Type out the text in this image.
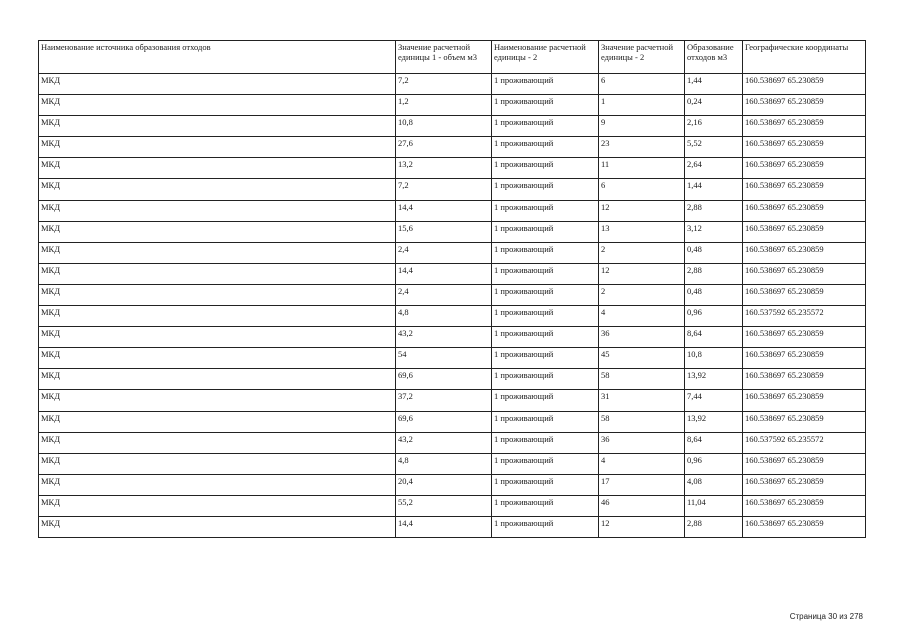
Наименование источника образования отходов	Значение расчетной единицы 1 - объем м3	Наименование расчетной единицы - 2	Значение расчетной единицы - 2	Образование отходов м3	Географические координаты
МКД	7,2	1 проживающий	6	1,44	160.538697 65.230859
МКД	1,2	1 проживающий	1	0,24	160.538697 65.230859
МКД	10,8	1 проживающий	9	2,16	160.538697 65.230859
МКД	27,6	1 проживающий	23	5,52	160.538697 65.230859
МКД	13,2	1 проживающий	11	2,64	160.538697 65.230859
МКД	7,2	1 проживающий	6	1,44	160.538697 65.230859
МКД	14,4	1 проживающий	12	2,88	160.538697 65.230859
МКД	15,6	1 проживающий	13	3,12	160.538697 65.230859
МКД	2,4	1 проживающий	2	0,48	160.538697 65.230859
МКД	14,4	1 проживающий	12	2,88	160.538697 65.230859
МКД	2,4	1 проживающий	2	0,48	160.538697 65.230859
МКД	4,8	1 проживающий	4	0,96	160.537592 65.235572
МКД	43,2	1 проживающий	36	8,64	160.538697 65.230859
МКД	54	1 проживающий	45	10,8	160.538697 65.230859
МКД	69,6	1 проживающий	58	13,92	160.538697 65.230859
МКД	37,2	1 проживающий	31	7,44	160.538697 65.230859
МКД	69,6	1 проживающий	58	13,92	160.538697 65.230859
МКД	43,2	1 проживающий	36	8,64	160.537592 65.235572
МКД	4,8	1 проживающий	4	0,96	160.538697 65.230859
МКД	20,4	1 проживающий	17	4,08	160.538697 65.230859
МКД	55,2	1 проживающий	46	11,04	160.538697 65.230859
МКД	14,4	1 проживающий	12	2,88	160.538697 65.230859
Страница 30 из 278
